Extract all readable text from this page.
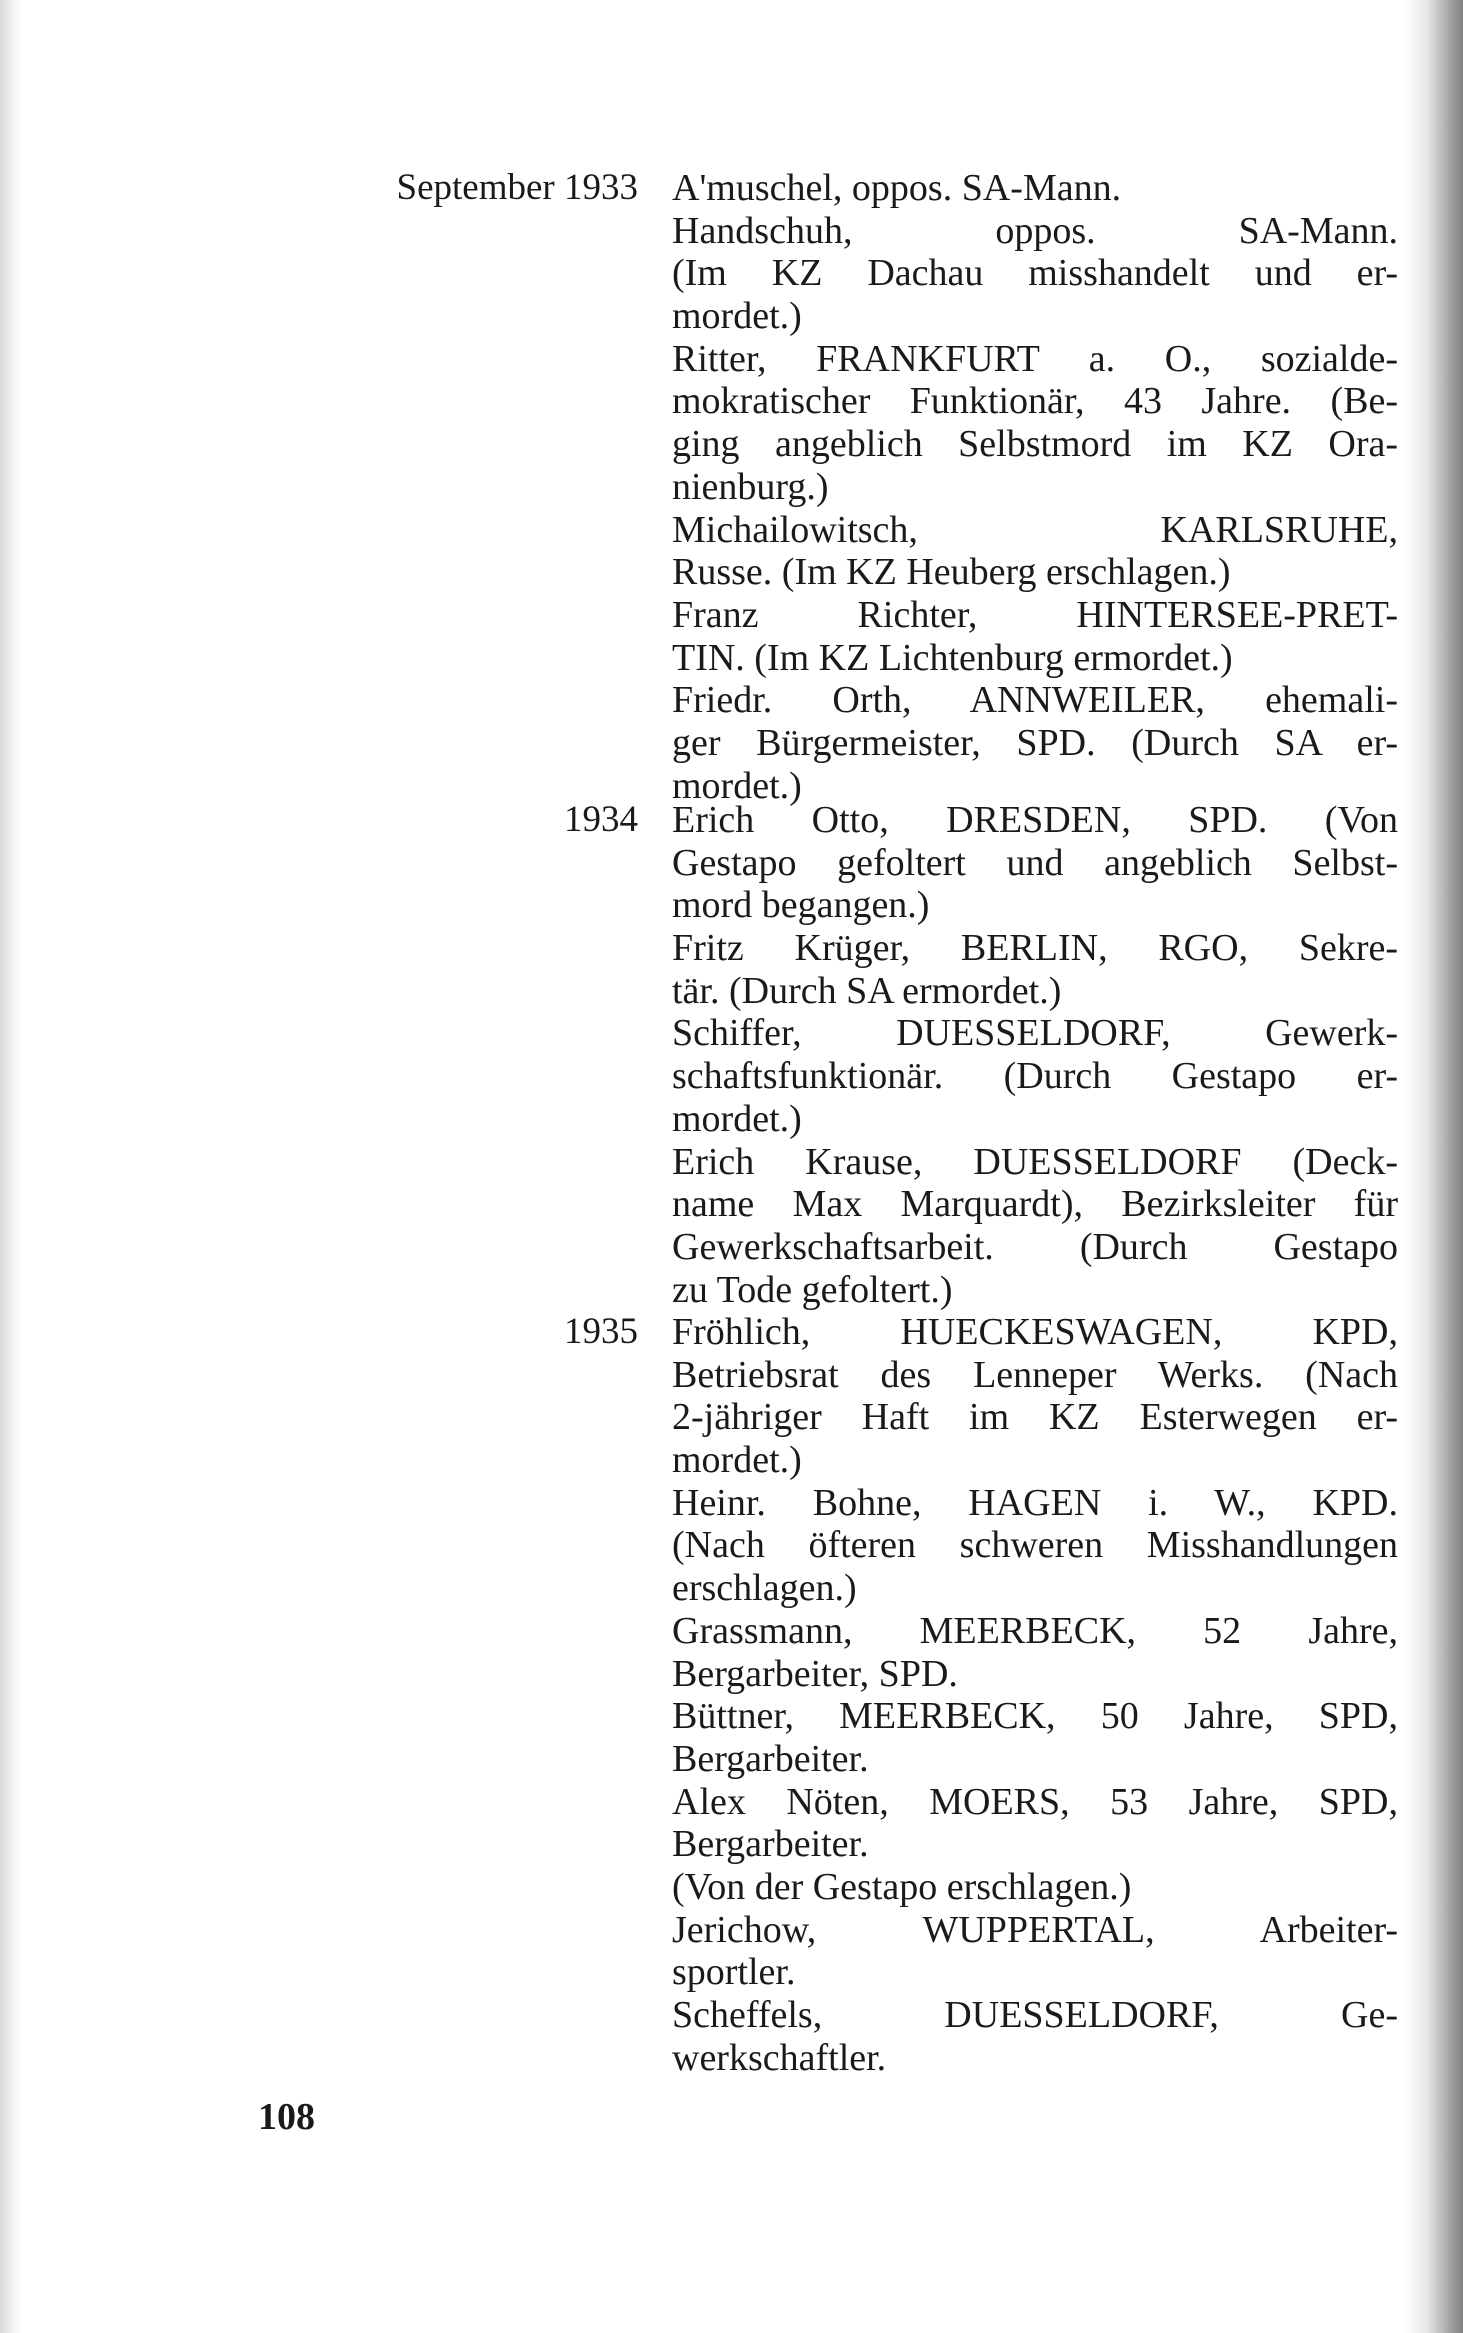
September 1933 A'muschel, oppos. SA-Mann.
Handschuh, oppos. SA-Mann.
(Im KZ Dachau misshandelt und er-
mordet.)
Ritter, FRANKFURT a. O., sozialde-
mokratischer Funktionär, 43 Jahre. (Be-
ging angeblich Selbstmord im KZ Ora-
nienburg.)
Michailowitsch, KARLSRUHE,
Russe. (Im KZ Heuberg erschlagen.)
Franz Richter, HINTERSEE-PRET-
TIN. (Im KZ Lichtenburg ermordet.)
Friedr. Orth, ANNWEILER, ehemali-
ger Bürgermeister, SPD. (Durch SA er-
mordet.)
1934 Erich Otto, DRESDEN, SPD. (Von
Gestapo gefoltert und angeblich Selbst-
mord begangen.)
Fritz Krüger, BERLIN, RGO, Sekre-
tär. (Durch SA ermordet.)
Schiffer, DUESSELDORF, Gewerk-
schaftsfunktionär. (Durch Gestapo er-
mordet.)
Erich Krause, DUESSELDORF (Deck-
name Max Marquardt), Bezirksleiter für
Gewerkschaftsarbeit. (Durch Gestapo
zu Tode gefoltert.)
1935 Fröhlich, HUECKESWAGEN, KPD,
Betriebsrat des Lenneper Werks. (Nach
2-jähriger Haft im KZ Esterwegen er-
mordet.)
Heinr. Bohne, HAGEN i. W., KPD.
(Nach öfteren schweren Misshandlungen
erschlagen.)
Grassmann, MEERBECK, 52 Jahre,
Bergarbeiter, SPD.
Büttner, MEERBECK, 50 Jahre, SPD,
Bergarbeiter.
Alex Nöten, MOERS, 53 Jahre, SPD,
Bergarbeiter.
(Von der Gestapo erschlagen.)
Jerichow, WUPPERTAL, Arbeiter-
sportler.
Scheffels, DUESSELDORF, Ge-
werkschaftler.
108
